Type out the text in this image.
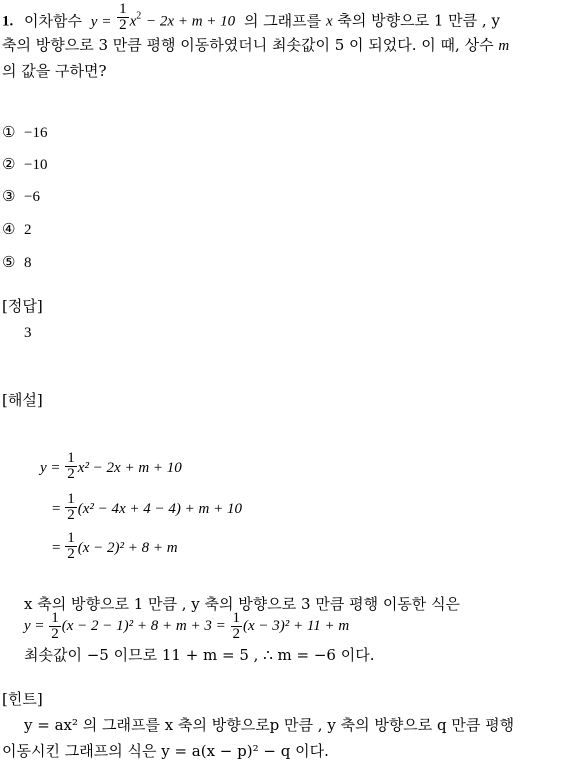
1. 이차함수 $y = \frac{1}{2} x^2 - 2x + m + 10$ 의 그래프를 x 축의 방향으로 1 만큼 , y
축의 방향으로 3 만큼 평행 이동하였더니 최솟값이 5 이 되었다. 이 때, 상수 m
의 값을 구하면?
① −16
② −10
③ −6
④ 2
⑤ 8
[정답]
3
[해설]
$y = \frac{1}{2} x^2 - 2x + m + 10$
= $\frac{1}{2} (x^2 - 4x + 4 - 4) + m + 10$
= $\frac{1}{2} (x - 2)^2 + 8 + m$
x 축의 방향으로 1 만큼 , y 축의 방향으로 3 만큼 평행 이동한 식은
$y = \frac{1}{2} (x - 2 - 1)^2 + 8 + m + 3 = \frac{1}{2} (x - 3)^2 + 11 + m$
최솟값이 −5 이므로 11 + m = 5 , ∴ m = −6 이다.
[힌트]
y = ax² 의 그래프를 x 축의 방향으로p 만큼 , y 축의 방향으로 q 만큼 평행
이동시킨 그래프의 식은 y = a(x − p)² − q 이다.
